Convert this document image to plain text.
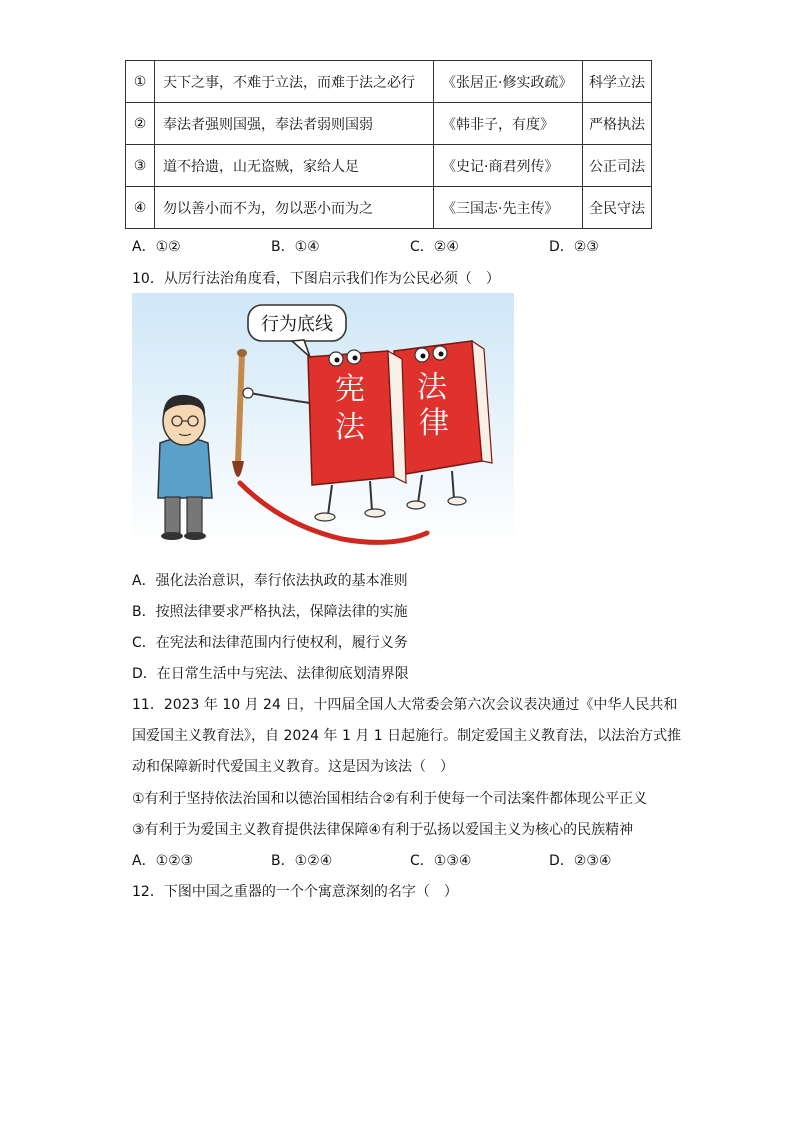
①	天下之事，不难于立法，而难于法之必行	《张居正·修实政疏》	科学立法
②	奉法者强则国强，奉法者弱则国弱	《韩非子，有度》	严格执法
③	道不拾遗，山无盗贼，家给人足	《史记·商君列传》	公正司法
④	勿以善小而不为，勿以恶小而为之	《三国志·先主传》	全民守法
A．①②	B．①④	C．②④	D．②③
10．从厉行法治角度看，下图启示我们作为公民必须（　）
行为底线
法
律
宪
法
A．强化法治意识，奉行依法执政的基本准则
B．按照法律要求严格执法，保障法律的实施
C．在宪法和法律范围内行使权利，履行义务
D．在日常生活中与宪法、法律彻底划清界限
11．2023 年 10 月 24 日，十四届全国人大常委会第六次会议表决通过《中华人民共和
国爱国主义教育法》，自 2024 年 1 月 1 日起施行。制定爱国主义教育法，以法治方式推
动和保障新时代爱国主义教育。这是因为该法（　）
①有利于坚持依法治国和以德治国相结合②有利于使每一个司法案件都体现公平正义
③有利于为爱国主义教育提供法律保障④有利于弘扬以爱国主义为核心的民族精神
A．①②③	B．①②④	C．①③④	D．②③④
12．下图中国之重器的一个个寓意深刻的名字（　）
